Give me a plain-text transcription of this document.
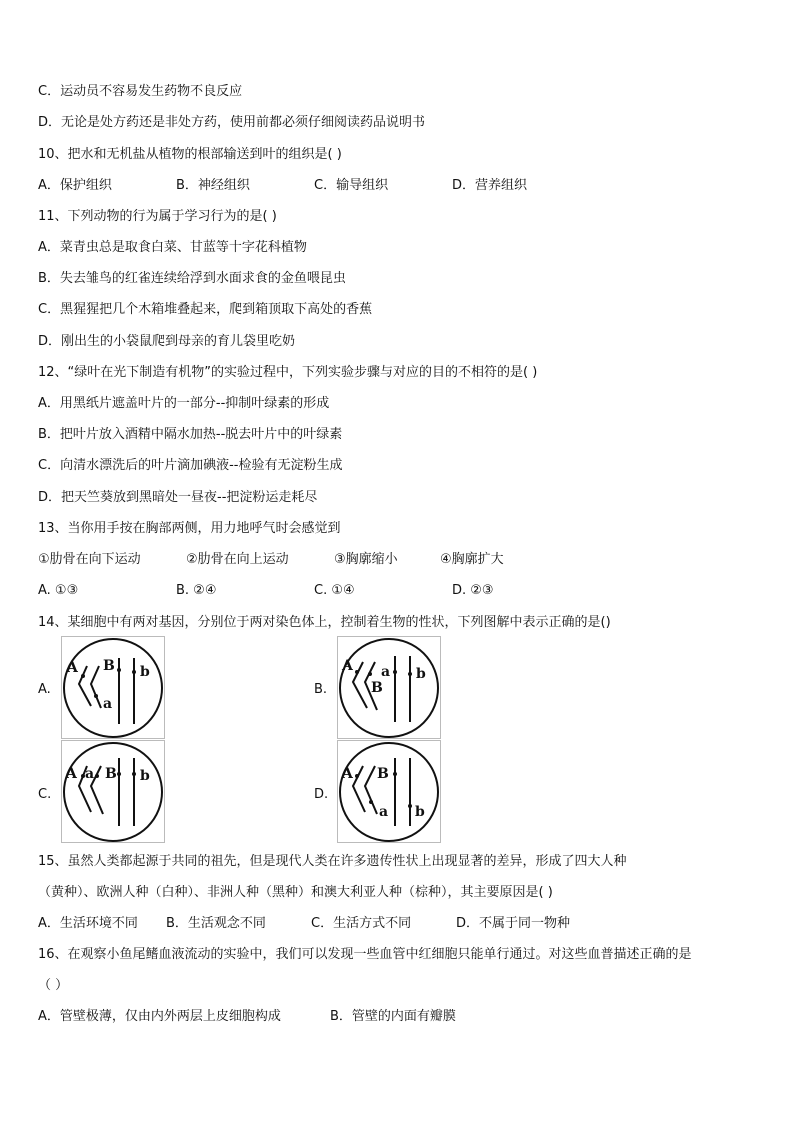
C．运动员不容易发生药物不良反应
D．无论是处方药还是非处方药，使用前都必须仔细阅读药品说明书
10、把水和无机盐从植物的根部输送到叶的组织是( )
A．保护组织	B．神经组织	C．输导组织	D．营养组织
11、下列动物的行为属于学习行为的是( )
A．菜青虫总是取食白菜、甘蓝等十字花科植物
B．失去雏鸟的红雀连续给浮到水面求食的金鱼喂昆虫
C．黑猩猩把几个木箱堆叠起来，爬到箱顶取下高处的香蕉
D．刚出生的小袋鼠爬到母亲的育儿袋里吃奶
12、“绿叶在光下制造有机物”的实验过程中，下列实验步骤与对应的目的不相符的是( )
A．用黑纸片遮盖叶片的一部分--抑制叶绿素的形成
B．把叶片放入酒精中隔水加热--脱去叶片中的叶绿素
C．向清水漂洗后的叶片滴加碘液--检验有无淀粉生成
D．把天竺葵放到黑暗处一昼夜--把淀粉运走耗尽
13、当你用手按在胸部两侧，用力地呼气时会感觉到
①肋骨在向下运动	②肋骨在向上运动	③胸廓缩小	④胸廓扩大
A. ①③	B. ②④	C. ①④	D. ②③
14、某细胞中有两对基因，分别位于两对染色体上，控制着生物的性状，下列图解中表示正确的是()
A.
A B
a
b
B.
A a
B
b
C.
A a B b
D.
A B
a b
15、虽然人类都起源于共同的祖先，但是现代人类在许多遗传性状上出现显著的差异，形成了四大人种
（黄种）、欧洲人种（白种）、非洲人种（黑种）和澳大利亚人种（棕种），其主要原因是( )
A．生活环境不同 B．生活观念不同	C．生活方式不同	D．不属于同一物种
16、在观察小鱼尾鳍血液流动的实验中，我们可以发现一些血管中红细胞只能单行通过。对这些血普描述正确的是
（ ）
A．管壁极薄，仅由内外两层上皮细胞构成	B．管壁的内面有瓣膜
